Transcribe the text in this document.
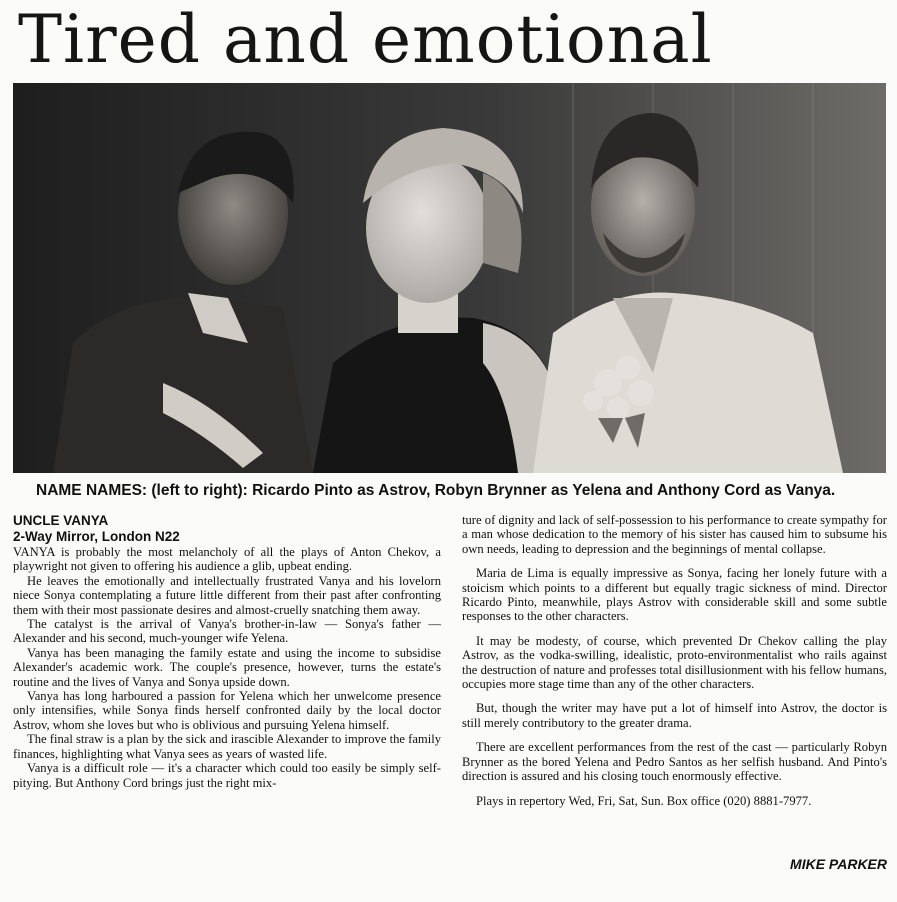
Tired and emotional
NAME NAMES: (left to right): Ricardo Pinto as Astrov, Robyn Brynner as Yelena and Anthony Cord as Vanya.
UNCLE VANYA
2-Way Mirror, London N22

VANYA is probably the most melancholy of all the plays of Anton Chekov, a playwright not given to offering his audience a glib, upbeat ending.

He leaves the emotionally and intellectually frustrated Vanya and his lovelorn niece Sonya contemplating a future little different from their past after confronting them with their most passionate desires and almost-cruelly snatching them away.

The catalyst is the arrival of Vanya's brother-in-law — Sonya's father — Alexander and his second, much-younger wife Yelena.

Vanya has been managing the family estate and using the income to subsidise Alexander's academic work. The couple's presence, however, turns the estate's routine and the lives of Vanya and Sonya upside down.

Vanya has long harboured a passion for Yelena which her unwelcome presence only intensifies, while Sonya finds herself confronted daily by the local doctor Astrov, whom she loves but who is oblivious and pursuing Yelena himself.

The final straw is a plan by the sick and irascible Alexander to improve the family finances, highlighting what Vanya sees as years of wasted life.

Vanya is a difficult role — it's a character which could too easily be simply self-pitying. But Anthony Cord brings just the right mix-

ture of dignity and lack of self-possession to his performance to create sympathy for a man whose dedication to the memory of his sister has caused him to subsume his own needs, leading to depression and the beginnings of mental collapse.

Maria de Lima is equally impressive as Sonya, facing her lonely future with a stoicism which points to a different but equally tragic sickness of mind. Director Ricardo Pinto, meanwhile, plays Astrov with considerable skill and some subtle responses to the other characters.

It may be modesty, of course, which prevented Dr Chekov calling the play Astrov, as the vodka-swilling, idealistic, proto-environmentalist who rails against the destruction of nature and professes total disillusionment with his fellow humans, occupies more stage time than any of the other characters.

But, though the writer may have put a lot of himself into Astrov, the doctor is still merely contributory to the greater drama.

There are excellent performances from the rest of the cast — particularly Robyn Brynner as the bored Yelena and Pedro Santos as her selfish husband. And Pinto's direction is assured and his closing touch enormously effective.

Plays in repertory Wed, Fri, Sat, Sun. Box office (020) 8881-7977.

MIKE PARKER
